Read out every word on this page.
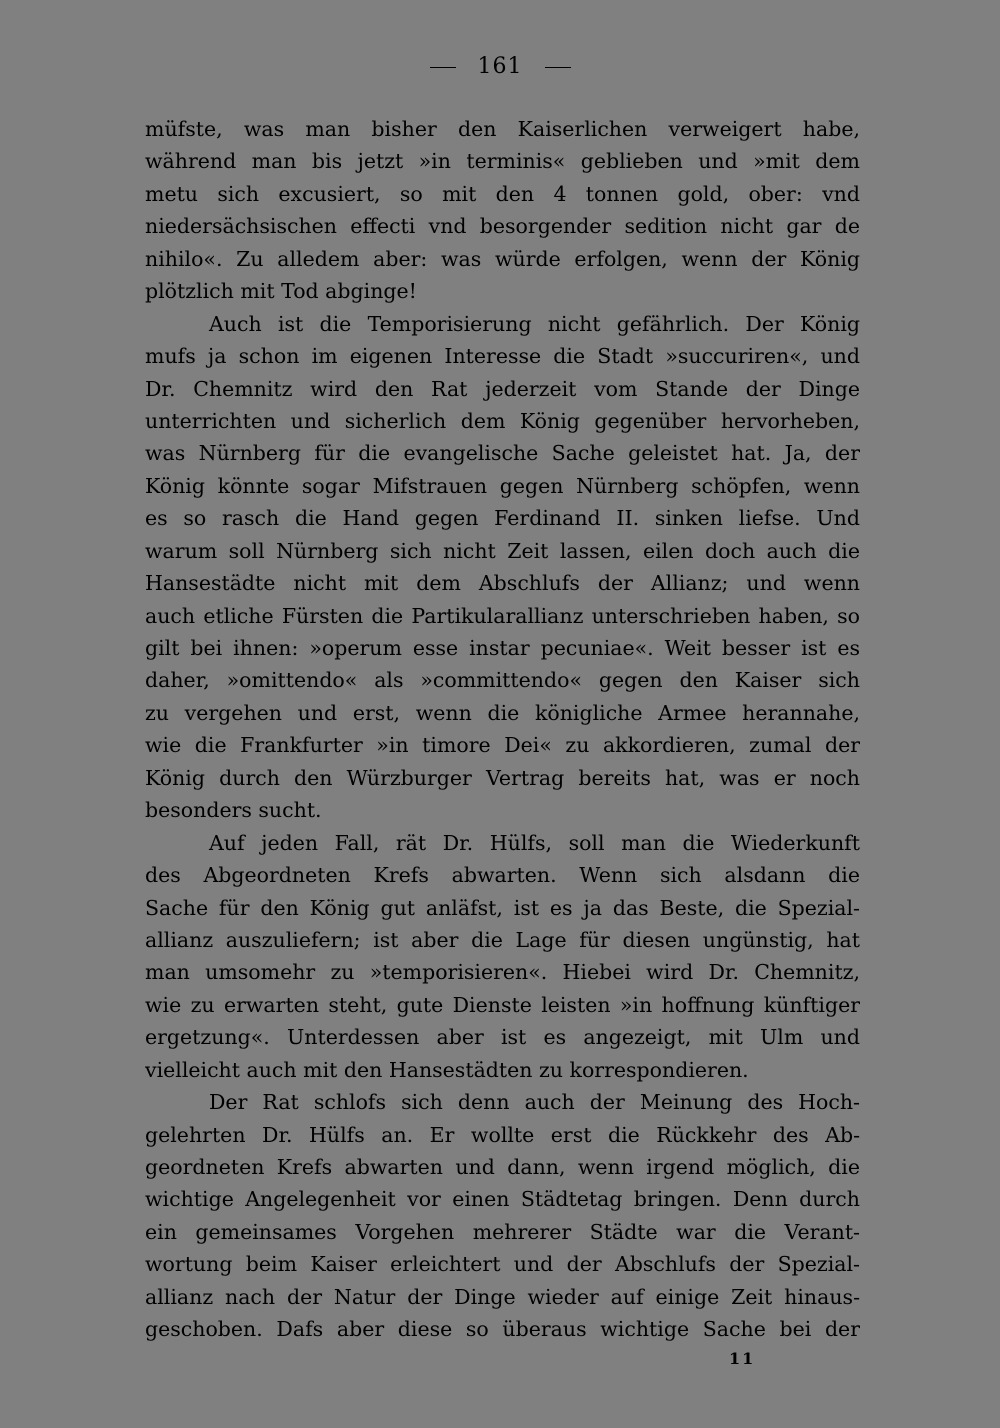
161
müfste, was man bisher den Kaiserlichen verweigert habe,
während man bis jetzt »in terminis« geblieben und »mit dem
metu sich excusiert, so mit den 4 tonnen gold, ober: vnd
niedersächsischen effecti vnd besorgender sedition nicht gar de
nihilo«. Zu alledem aber: was würde erfolgen, wenn der König
plötzlich mit Tod abginge!
Auch ist die Temporisierung nicht gefährlich. Der König
mufs ja schon im eigenen Interesse die Stadt »succuriren«, und
Dr. Chemnitz wird den Rat jederzeit vom Stande der Dinge
unterrichten und sicherlich dem König gegenüber hervorheben,
was Nürnberg für die evangelische Sache geleistet hat. Ja, der
König könnte sogar Mifstrauen gegen Nürnberg schöpfen, wenn
es so rasch die Hand gegen Ferdinand II. sinken liefse. Und
warum soll Nürnberg sich nicht Zeit lassen, eilen doch auch die
Hansestädte nicht mit dem Abschlufs der Allianz; und wenn
auch etliche Fürsten die Partikularallianz unterschrieben haben, so
gilt bei ihnen: »operum esse instar pecuniae«. Weit besser ist es
daher, »omittendo« als »committendo« gegen den Kaiser sich
zu vergehen und erst, wenn die königliche Armee herannahe,
wie die Frankfurter »in timore Dei« zu akkordieren, zumal der
König durch den Würzburger Vertrag bereits hat, was er noch
besonders sucht.
Auf jeden Fall, rät Dr. Hülfs, soll man die Wiederkunft
des Abgeordneten Krefs abwarten. Wenn sich alsdann die
Sache für den König gut anläfst, ist es ja das Beste, die Spezial-
allianz auszuliefern; ist aber die Lage für diesen ungünstig, hat
man umsomehr zu »temporisieren«. Hiebei wird Dr. Chemnitz,
wie zu erwarten steht, gute Dienste leisten »in hoffnung künftiger
ergetzung«. Unterdessen aber ist es angezeigt, mit Ulm und
vielleicht auch mit den Hansestädten zu korrespondieren.
Der Rat schlofs sich denn auch der Meinung des Hoch-
gelehrten Dr. Hülfs an. Er wollte erst die Rückkehr des Ab-
geordneten Krefs abwarten und dann, wenn irgend möglich, die
wichtige Angelegenheit vor einen Städtetag bringen. Denn durch
ein gemeinsames Vorgehen mehrerer Städte war die Verant-
wortung beim Kaiser erleichtert und der Abschlufs der Spezial-
allianz nach der Natur der Dinge wieder auf einige Zeit hinaus-
geschoben. Dafs aber diese so überaus wichtige Sache bei der
11
